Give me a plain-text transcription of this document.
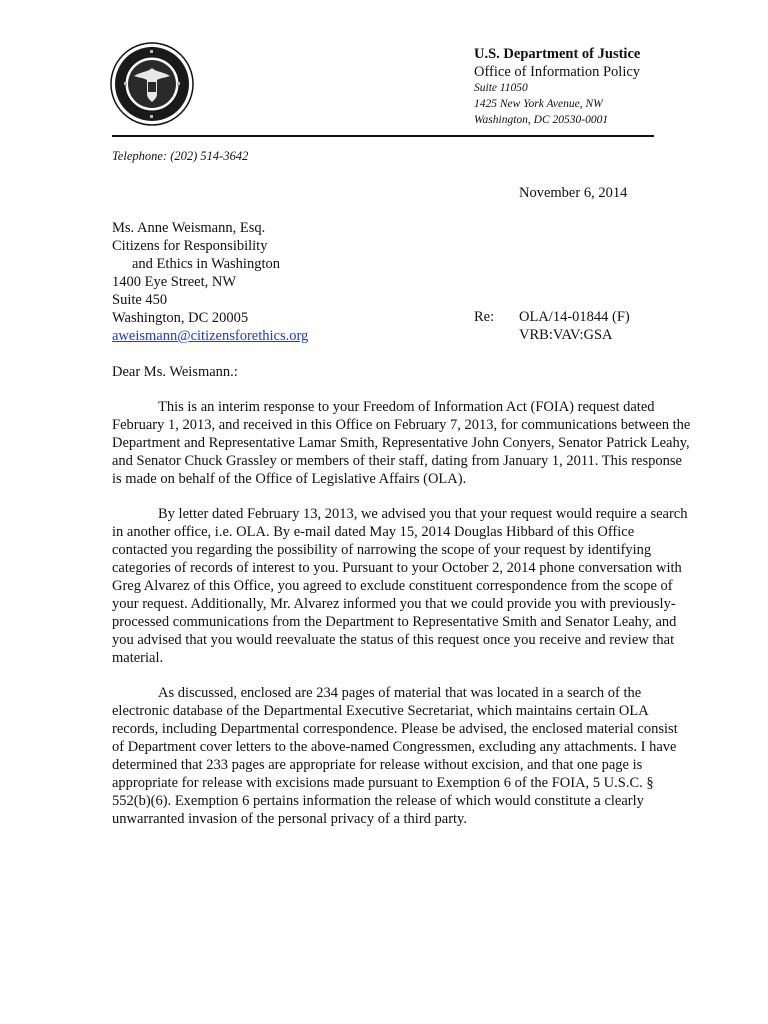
U.S. Department of Justice
Office of Information Policy
Suite 11050
1425 New York Avenue, NW
Washington, DC 20530-0001
Telephone: (202) 514-3642
November 6, 2014
Ms. Anne Weismann, Esq.
Citizens for Responsibility
and Ethics in Washington
1400 Eye Street, NW
Suite 450
Washington, DC 20005
aweismann@citizensforethics.org
Re: OLA/14-01844 (F)
VRB:VAV:GSA
Dear Ms. Weismann.:

This is an interim response to your Freedom of Information Act (FOIA) request dated February 1, 2013, and received in this Office on February 7, 2013, for communications between the Department and Representative Lamar Smith, Representative John Conyers, Senator Patrick Leahy, and Senator Chuck Grassley or members of their staff, dating from January 1, 2011. This response is made on behalf of the Office of Legislative Affairs (OLA).

By letter dated February 13, 2013, we advised you that your request would require a search in another office, i.e. OLA. By e-mail dated May 15, 2014 Douglas Hibbard of this Office contacted you regarding the possibility of narrowing the scope of your request by identifying categories of records of interest to you. Pursuant to your October 2, 2014 phone conversation with Greg Alvarez of this Office, you agreed to exclude constituent correspondence from the scope of your request. Additionally, Mr. Alvarez informed you that we could provide you with previously-processed communications from the Department to Representative Smith and Senator Leahy, and you advised that you would reevaluate the status of this request once you receive and review that material.

As discussed, enclosed are 234 pages of material that was located in a search of the electronic database of the Departmental Executive Secretariat, which maintains certain OLA records, including Departmental correspondence. Please be advised, the enclosed material consist of Department cover letters to the above-named Congressmen, excluding any attachments. I have determined that 233 pages are appropriate for release without excision, and that one page is appropriate for release with excisions made pursuant to Exemption 6 of the FOIA, 5 U.S.C. § 552(b)(6). Exemption 6 pertains information the release of which would constitute a clearly unwarranted invasion of the personal privacy of a third party.
